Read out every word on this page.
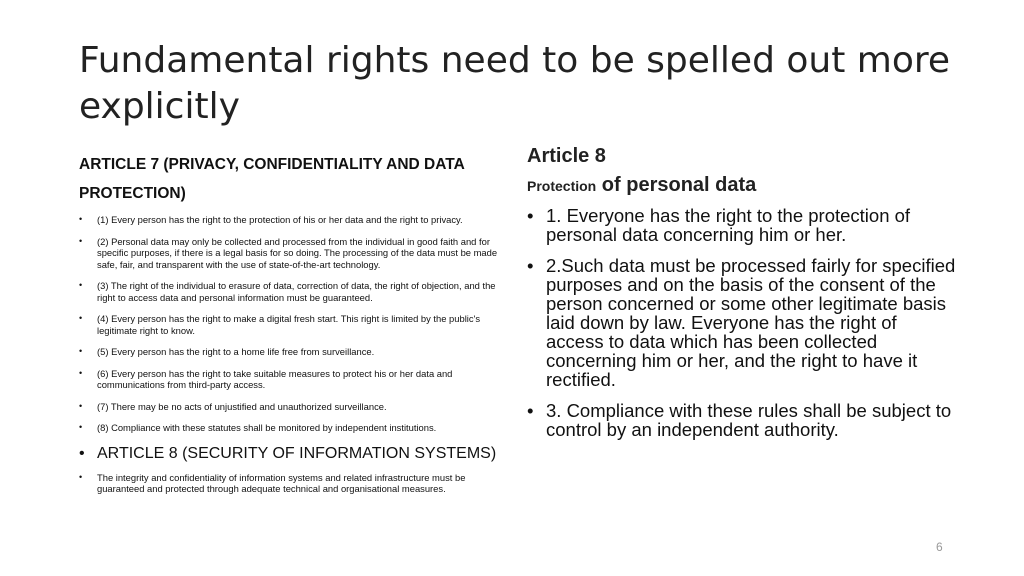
Fundamental rights need to be spelled out more explicitly

ARTICLE 7 (PRIVACY, CONFIDENTIALITY AND DATA PROTECTION)

• (1) Every person has the right to the protection of his or her data and the right to privacy.
• (2) Personal data may only be collected and processed from the individual in good faith and for specific purposes, if there is a legal basis for so doing. The processing of the data must be made safe, fair, and transparent with the use of state-of-the-art technology.
• (3) The right of the individual to erasure of data, correction of data, the right of objection, and the right to access data and personal information must be guaranteed.
• (4) Every person has the right to make a digital fresh start. This right is limited by the public's legitimate right to know.
• (5) Every person has the right to a home life free from surveillance.
• (6) Every person has the right to take suitable measures to protect his or her data and communications from third-party access.
• (7) There may be no acts of unjustified and unauthorized surveillance.
• (8) Compliance with these statutes shall be monitored by independent institutions.
• ARTICLE 8 (SECURITY OF INFORMATION SYSTEMS)
• The integrity and confidentiality of information systems and related infrastructure must be guaranteed and protected through adequate technical and organisational measures.

Article 8

Protection of personal data

• 1. Everyone has the right to the protection of personal data concerning him or her.
• 2.Such data must be processed fairly for specified purposes and on the basis of the consent of the person concerned or some other legitimate basis laid down by law. Everyone has the right of access to data which has been collected concerning him or her, and the right to have it rectified.
• 3. Compliance with these rules shall be subject to control by an independent authority.
6
